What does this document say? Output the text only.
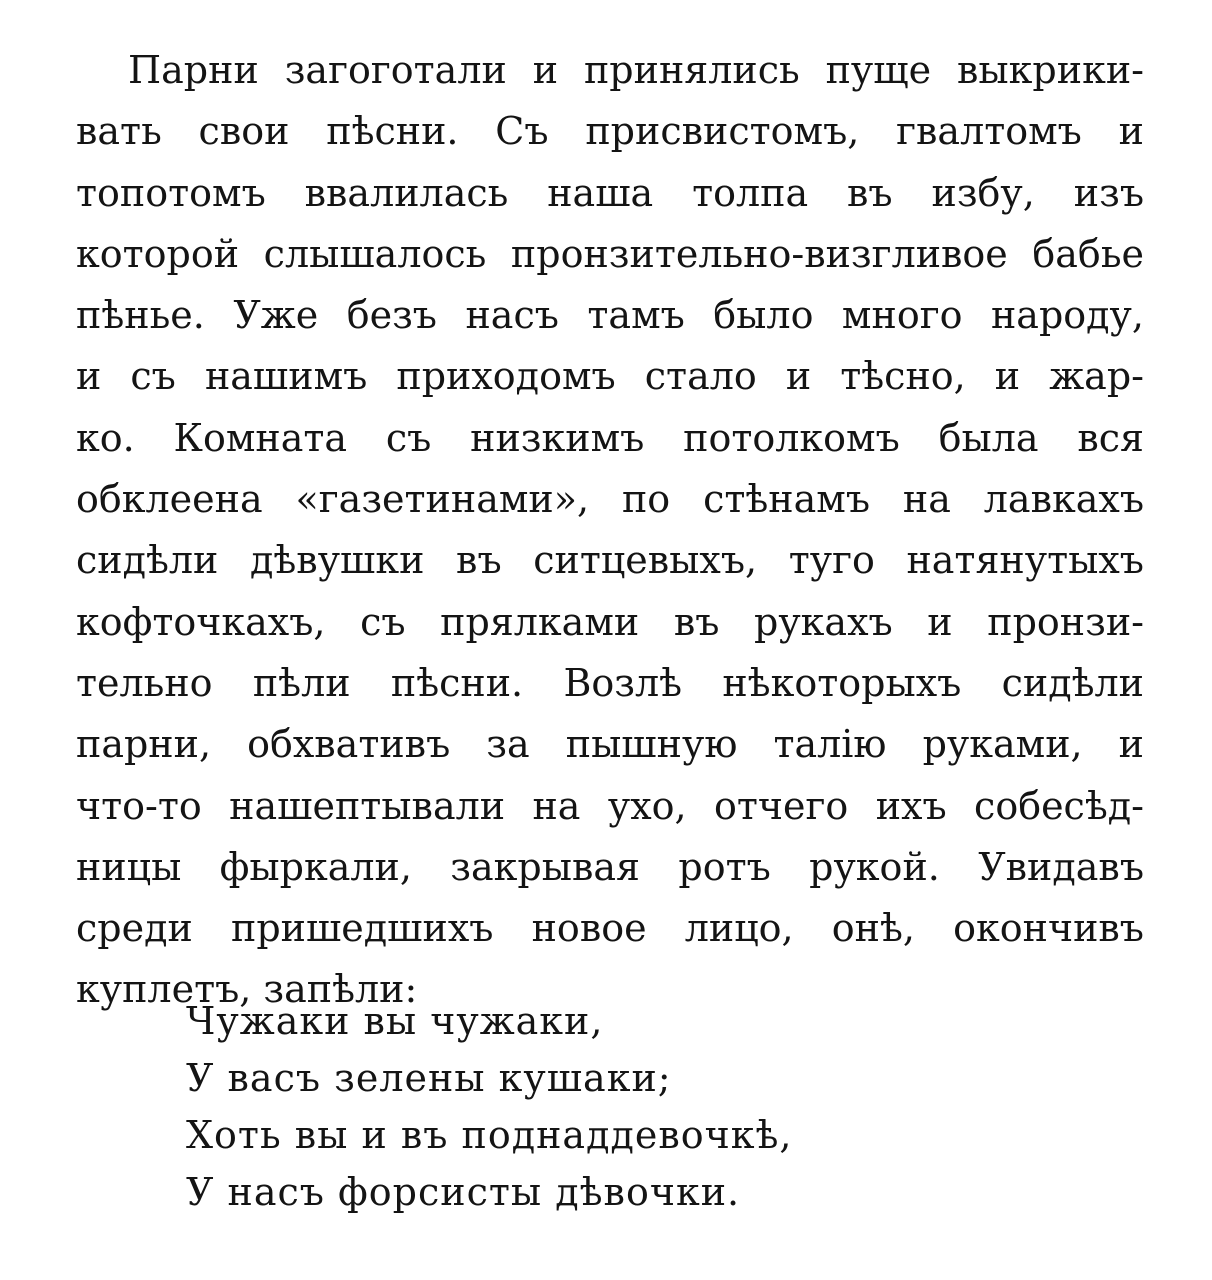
Парни загоготали и принялись пуще выкрики-
вать свои пѣсни. Съ присвистомъ, гвалтомъ и
топотомъ ввалилась наша толпа въ избу, изъ
которой слышалось пронзительно-визгливое бабье
пѣнье. Уже безъ насъ тамъ было много народу,
и съ нашимъ приходомъ стало и тѣсно, и жар-
ко. Комната съ низкимъ потолкомъ была вся
обклеена «газетинами», по стѣнамъ на лавкахъ
сидѣли дѣвушки въ ситцевыхъ, туго натянутыхъ
кофточкахъ, съ прялками въ рукахъ и пронзи-
тельно пѣли пѣсни. Возлѣ нѣкоторыхъ сидѣли
парни, обхвативъ за пышную талію руками, и
что-то нашептывали на ухо, отчего ихъ собесѣд-
ницы фыркали, закрывая ротъ рукой. Увидавъ
среди пришедшихъ новое лицо, онѣ, окончивъ
куплетъ, запѣли:
Чужаки вы чужаки,
У васъ зелены кушаки;
Хоть вы и въ поднаддевочкѣ,
У насъ форсисты дѣвочки.
